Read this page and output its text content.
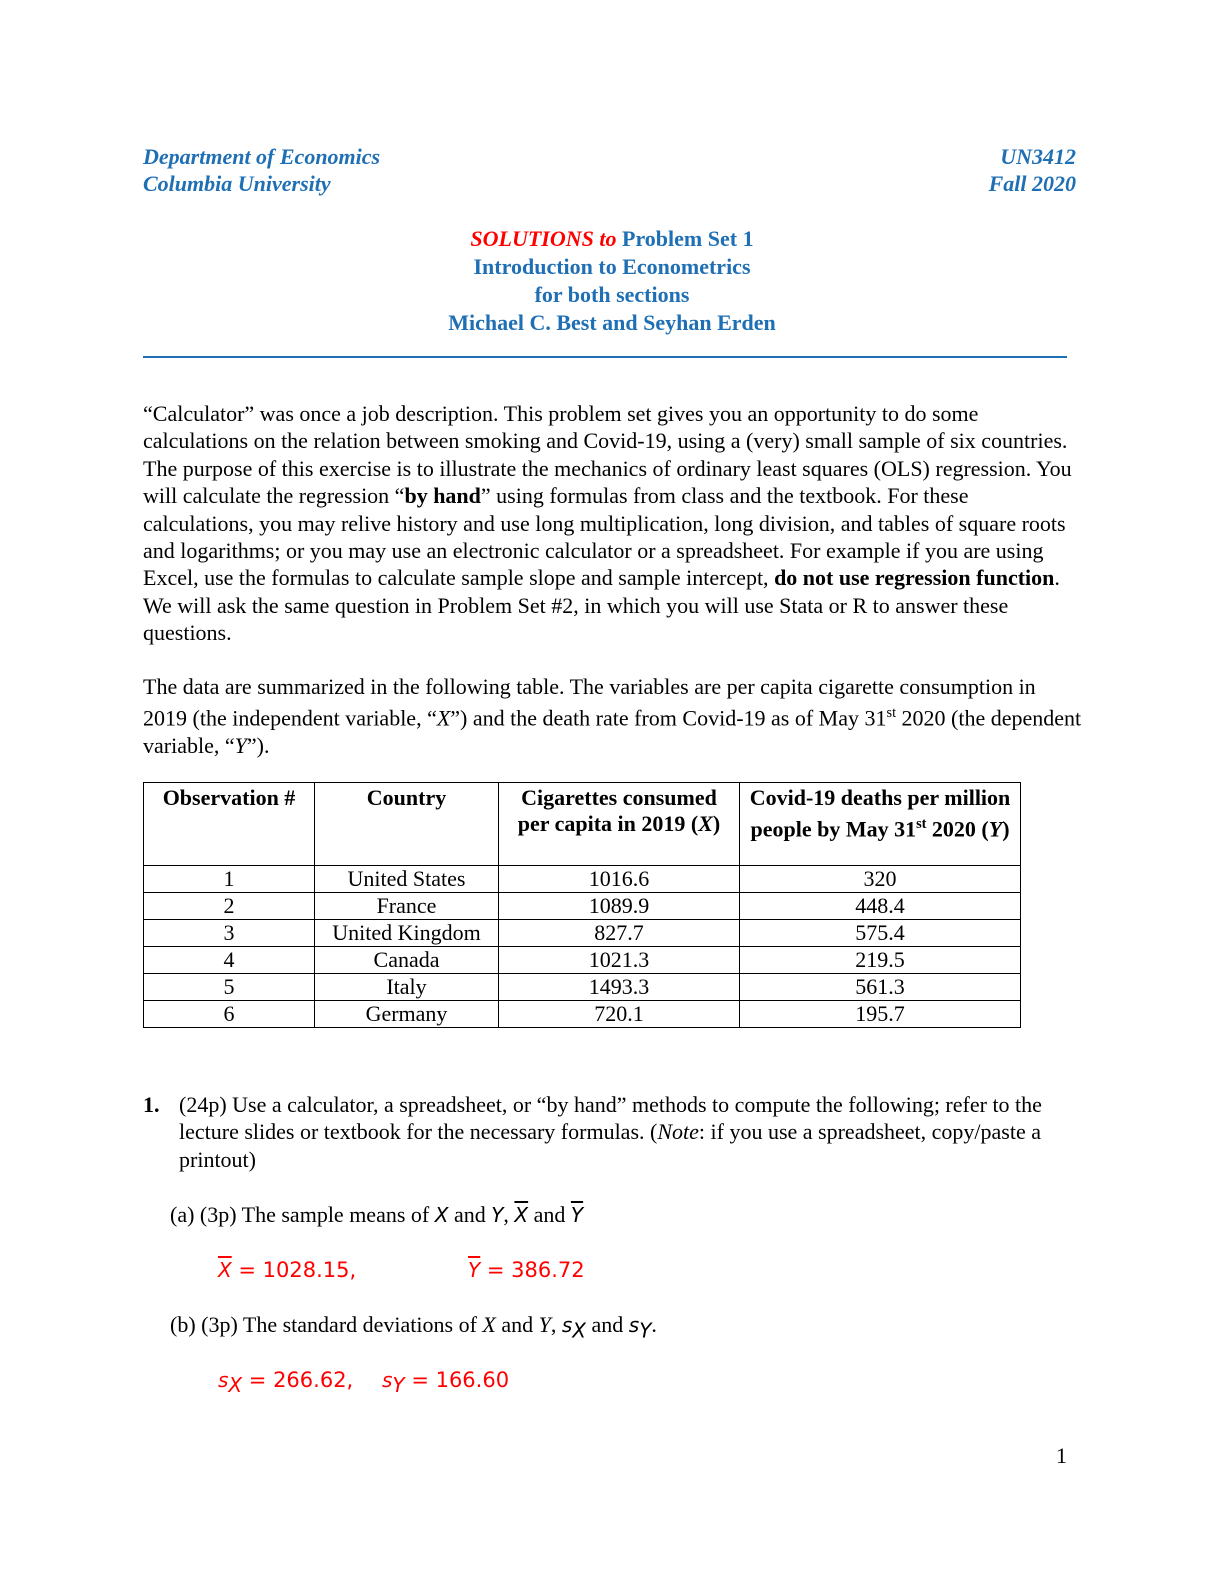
Department of Economics
Columbia University
UN3412
Fall 2020
SOLUTIONS to Problem Set 1
Introduction to Econometrics
for both sections
Michael C. Best and Seyhan Erden
“Calculator” was once a job description. This problem set gives you an opportunity to do some calculations on the relation between smoking and Covid-19, using a (very) small sample of six countries. The purpose of this exercise is to illustrate the mechanics of ordinary least squares (OLS) regression. You will calculate the regression “by hand” using formulas from class and the textbook. For these calculations, you may relive history and use long multiplication, long division, and tables of square roots and logarithms; or you may use an electronic calculator or a spreadsheet. For example if you are using Excel, use the formulas to calculate sample slope and sample intercept, do not use regression function. We will ask the same question in Problem Set #2, in which you will use Stata or R to answer these questions.
The data are summarized in the following table. The variables are per capita cigarette consumption in 2019 (the independent variable, “X”) and the death rate from Covid-19 as of May 31st 2020 (the dependent variable, “Y”).
Observation #	Country	Cigarettes consumed per capita in 2019 (X)	Covid-19 deaths per million people by May 31st 2020 (Y)
1	United States	1016.6	320
2	France	1089.9	448.4
3	United Kingdom	827.7	575.4
4	Canada	1021.3	219.5
5	Italy	1493.3	561.3
6	Germany	720.1	195.7
1. (24p) Use a calculator, a spreadsheet, or “by hand” methods to compute the following; refer to the lecture slides or textbook for the necessary formulas. (Note: if you use a spreadsheet, copy/paste a printout)
(a) (3p) The sample means of X and Y, $\overline{X}$ and $\overline{Y}$
$\overline{X} = 1028.15$,	$\overline{Y} = 386.72$
(b) (3p) The standard deviations of X and Y, $s_X$ and $s_Y$.
$s_X = 266.62$, $s_Y = 166.60$
1
